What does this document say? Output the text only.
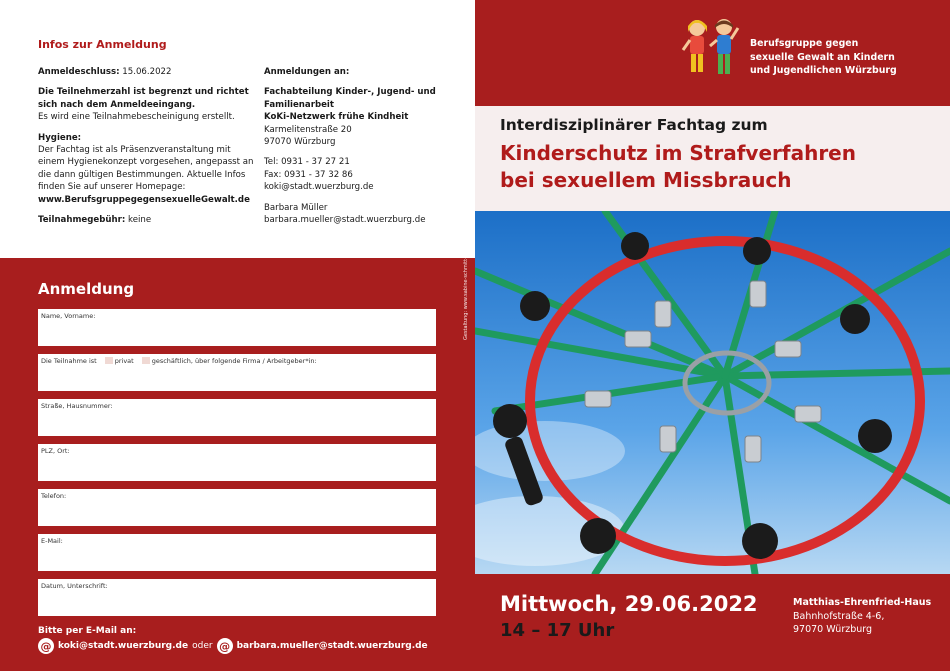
Infos zur Anmeldung
Anmeldeschluss: 15.06.2022
Die Teilnehmerzahl ist begrenzt und richtet sich nach dem Anmeldeeingang.
Es wird eine Teilnahmebescheinigung erstellt.
Hygiene:
Der Fachtag ist als Präsenzveranstaltung mit einem Hygienekonzept vorgesehen, angepasst an die dann gültigen Bestimmungen. Aktuelle Infos finden Sie auf unserer Homepage:
www.BerufsgruppegegensexuelleGewalt.de
Teilnahmegebühr: keine
Anmeldungen an:
Fachabteilung Kinder-, Jugend- und Familienarbeit
KoKi-Netzwerk frühe Kindheit
Karmelitenstraße 20
97070 Würzburg
Tel: 0931 - 37 27 21
Fax: 0931 - 37 32 86
koki@stadt.wuerzburg.de
Barbara Müller
barbara.mueller@stadt.wuerzburg.de
Anmeldung
Name, Vorname:
Die Teilnahme ist	privat	geschäftlich, über folgende Firma / Arbeitgeber*in:
Straße, Hausnummer:
PLZ, Ort:
Telefon:
E-Mail:
Datum, Unterschrift:
Bitte per E-Mail an:
@ koki@stadt.wuerzburg.de oder @ barbara.mueller@stadt.wuerzburg.de
Berufsgruppe gegen
sexuelle Gewalt an Kindern
und Jugendlichen Würzburg
Interdisziplinärer Fachtag zum
Kinderschutz im Strafverfahren
bei sexuellem Missbrauch
Gestaltung: www.sabine-schmitt-design.de Foto: Tilman Ehrcke · stock.adobe.com
Mittwoch, 29.06.2022
14 – 17 Uhr
Matthias-Ehrenfried-Haus
Bahnhofstraße 4-6,
97070 Würzburg
